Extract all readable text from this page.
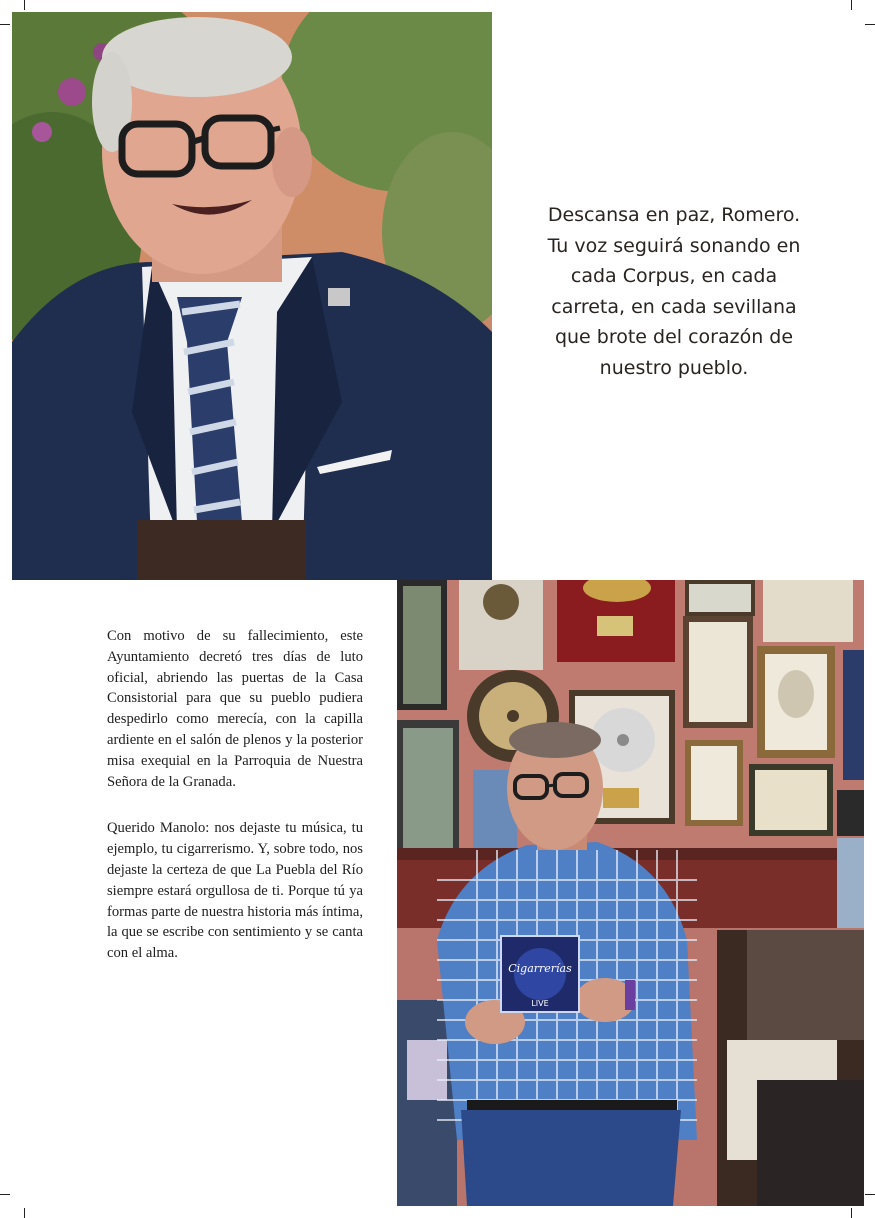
Descansa en paz, Romero.
Tu voz seguirá sonando en
cada Corpus, en cada
carreta, en cada sevillana
que brote del corazón de
nuestro pueblo.

Con motivo de su fallecimiento, este Ayuntamiento decretó tres días de luto oficial, abriendo las puertas de la Casa Consistorial para que su pueblo pudiera despedirlo como merecía, con la capilla ardiente en el salón de plenos y la posterior misa exequial en la Parroquia de Nuestra Señora de la Granada.

Querido Manolo: nos dejaste tu música, tu ejemplo, tu cigarrerismo. Y, sobre todo, nos dejaste la certeza de que La Puebla del Río siempre estará orgullosa de ti. Porque tú ya formas parte de nuestra historia más íntima, la que se escribe con sentimiento y se canta con el alma.

Cigarrerías
LIVE
